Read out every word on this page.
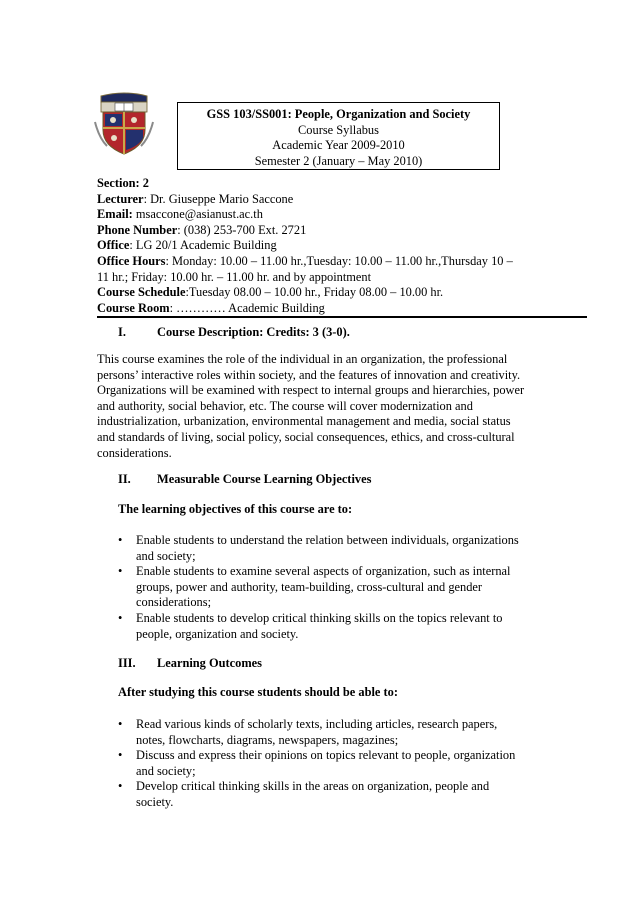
GSS 103/SS001: People, Organization and Society
Course Syllabus
Academic Year 2009-2010
Semester 2 (January – May 2010)
Section: 2
Lecturer: Dr. Giuseppe Mario Saccone
Email: msaccone@asianust.ac.th
Phone Number: (038) 253-700 Ext. 2721
Office: LG 20/1 Academic Building
Office Hours: Monday: 10.00 – 11.00 hr.,Tuesday: 10.00 – 11.00 hr.,Thursday 10 –
11 hr.; Friday: 10.00 hr. – 11.00 hr. and by appointment
Course Schedule:Tuesday 08.00 – 10.00 hr., Friday 08.00 – 10.00 hr.
Course Room: ………… Academic Building
I.	Course Description: Credits: 3 (3-0).
This course examines the role of the individual in an organization, the professional
persons’ interactive roles within society, and the features of innovation and creativity.
Organizations will be examined with respect to internal groups and hierarchies, power
and authority, social behavior, etc. The course will cover modernization and
industrialization, urbanization, environmental management and media, social status
and standards of living, social policy, social consequences, ethics, and cross-cultural
considerations.
II. Measurable Course Learning Objectives
The learning objectives of this course are to:
• Enable students to understand the relation between individuals, organizations
and society;
• Enable students to examine several aspects of organization, such as internal
groups, power and authority, team-building, cross-cultural and gender
considerations;
• Enable students to develop critical thinking skills on the topics relevant to
people, organization and society.
III. Learning Outcomes
After studying this course students should be able to:
• Read various kinds of scholarly texts, including articles, research papers,
notes, flowcharts, diagrams, newspapers, magazines;
• Discuss and express their opinions on topics relevant to people, organization
and society;
• Develop critical thinking skills in the areas on organization, people and
society.
